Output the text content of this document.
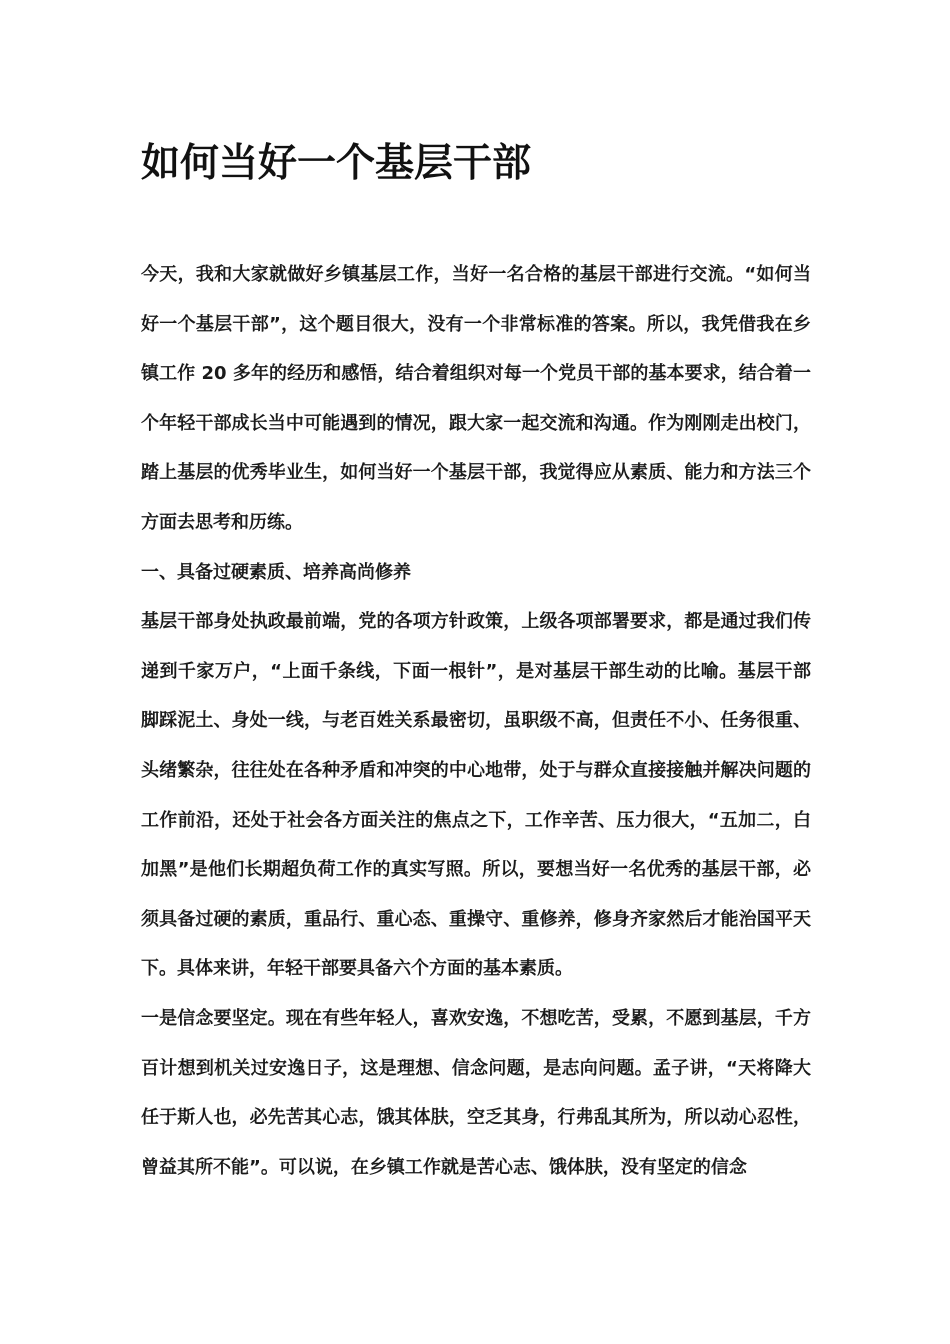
如何当好一个基层干部

今天，我和大家就做好乡镇基层工作，当好一名合格的基层干部进行交流。“如何当好一个基层干部”，这个题目很大，没有一个非常标准的答案。所以，我凭借我在乡镇工作 20 多年的经历和感悟，结合着组织对每一个党员干部的基本要求，结合着一个年轻干部成长当中可能遇到的情况，跟大家一起交流和沟通。作为刚刚走出校门，踏上基层的优秀毕业生，如何当好一个基层干部，我觉得应从素质、能力和方法三个方面去思考和历练。

一、具备过硬素质、培养高尚修养

基层干部身处执政最前端，党的各项方针政策，上级各项部署要求，都是通过我们传递到千家万户，“上面千条线，下面一根针”，是对基层干部生动的比喻。基层干部脚踩泥土、身处一线，与老百姓关系最密切，虽职级不高，但责任不小、任务很重、头绪繁杂，往往处在各种矛盾和冲突的中心地带，处于与群众直接接触并解决问题的工作前沿，还处于社会各方面关注的焦点之下，工作辛苦、压力很大，“五加二，白加黑”是他们长期超负荷工作的真实写照。所以，要想当好一名优秀的基层干部，必须具备过硬的素质，重品行、重心态、重操守、重修养，修身齐家然后才能治国平天下。具体来讲，年轻干部要具备六个方面的基本素质。

一是信念要坚定。现在有些年轻人，喜欢安逸，不想吃苦，受累，不愿到基层，千方百计想到机关过安逸日子，这是理想、信念问题，是志向问题。孟子讲，“天将降大任于斯人也，必先苦其心志，饿其体肤，空乏其身，行弗乱其所为，所以动心忍性，曾益其所不能”。可以说，在乡镇工作就是苦心志、饿体肤，没有坚定的信念
